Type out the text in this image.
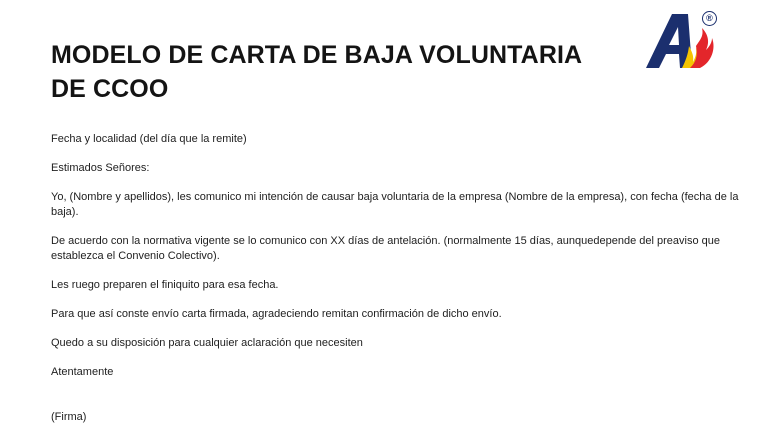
MODELO DE CARTA DE BAJA VOLUNTARIA
DE CCOO
®

Fecha y localidad (del día que la remite)

Estimados Señores:

Yo, (Nombre y apellidos), les comunico mi intención de causar baja voluntaria de la empresa (Nombre de la empresa), con fecha (fecha de la baja).

De acuerdo con la normativa vigente se lo comunico con XX días de antelación. (normalmente 15 días, aunquedepende del preaviso que establezca el Convenio Colectivo).

Les ruego preparen el finiquito para esa fecha.

Para que así conste envío carta firmada, agradeciendo remitan confirmación de dicho envío.

Quedo a su disposición para cualquier aclaración que necesiten

Atentamente

(Firma)
